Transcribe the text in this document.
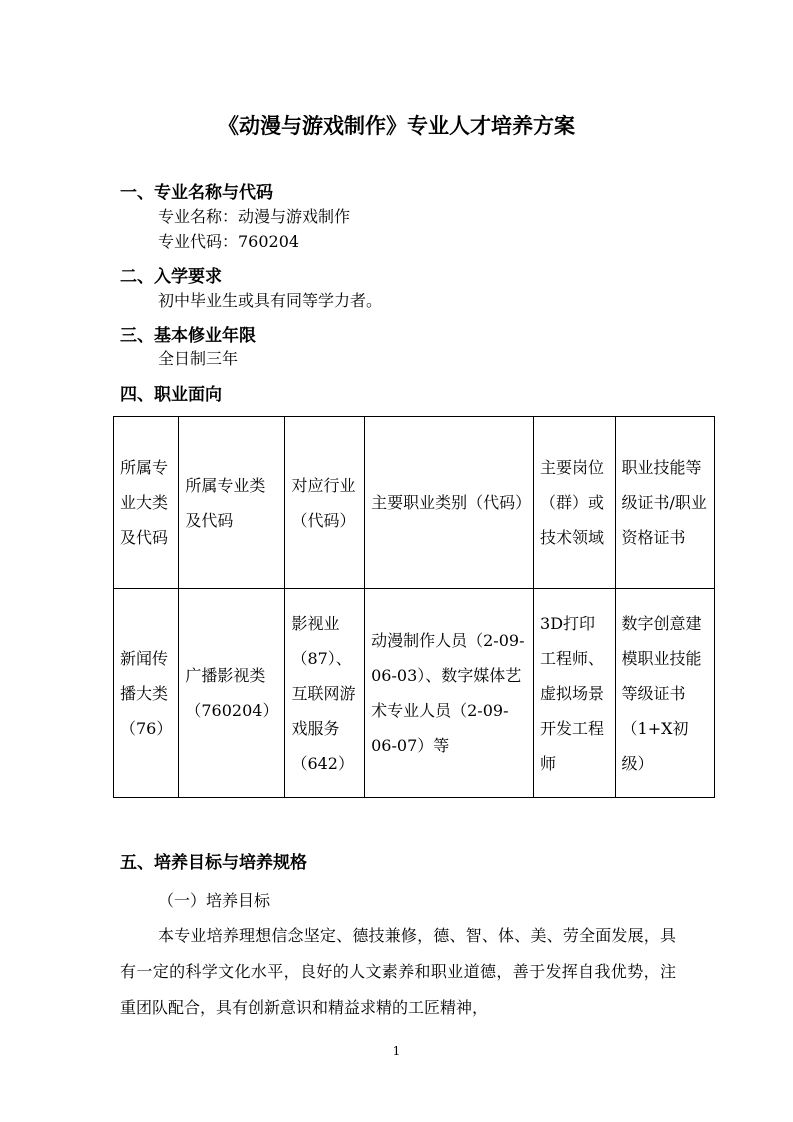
《动漫与游戏制作》专业人才培养方案
一、专业名称与代码
专业名称：动漫与游戏制作
专业代码：760204
二、入学要求
初中毕业生或具有同等学力者。
三、基本修业年限
全日制三年
四、职业面向
所属专业大类及代码	所属专业类及代码	对应行业（代码）	主要职业类别（代码）	主要岗位（群）或技术领域	职业技能等级证书/职业资格证书
新闻传播大类（76）	广播影视类（760204）	影视业（87）、互联网游戏服务（642）	动漫制作人员（2-09-06-03）、数字媒体艺术专业人员（2-09-06-07）等	3D打印工程师、虚拟场景开发工程师	数字创意建模职业技能等级证书（1+X初级）
五、培养目标与培养规格
（一）培养目标
本专业培养理想信念坚定、德技兼修，德、智、体、美、劳全面发展，具有一定的科学文化水平，良好的人文素养和职业道德，善于发挥自我优势，注重团队配合，具有创新意识和精益求精的工匠精神，
1
